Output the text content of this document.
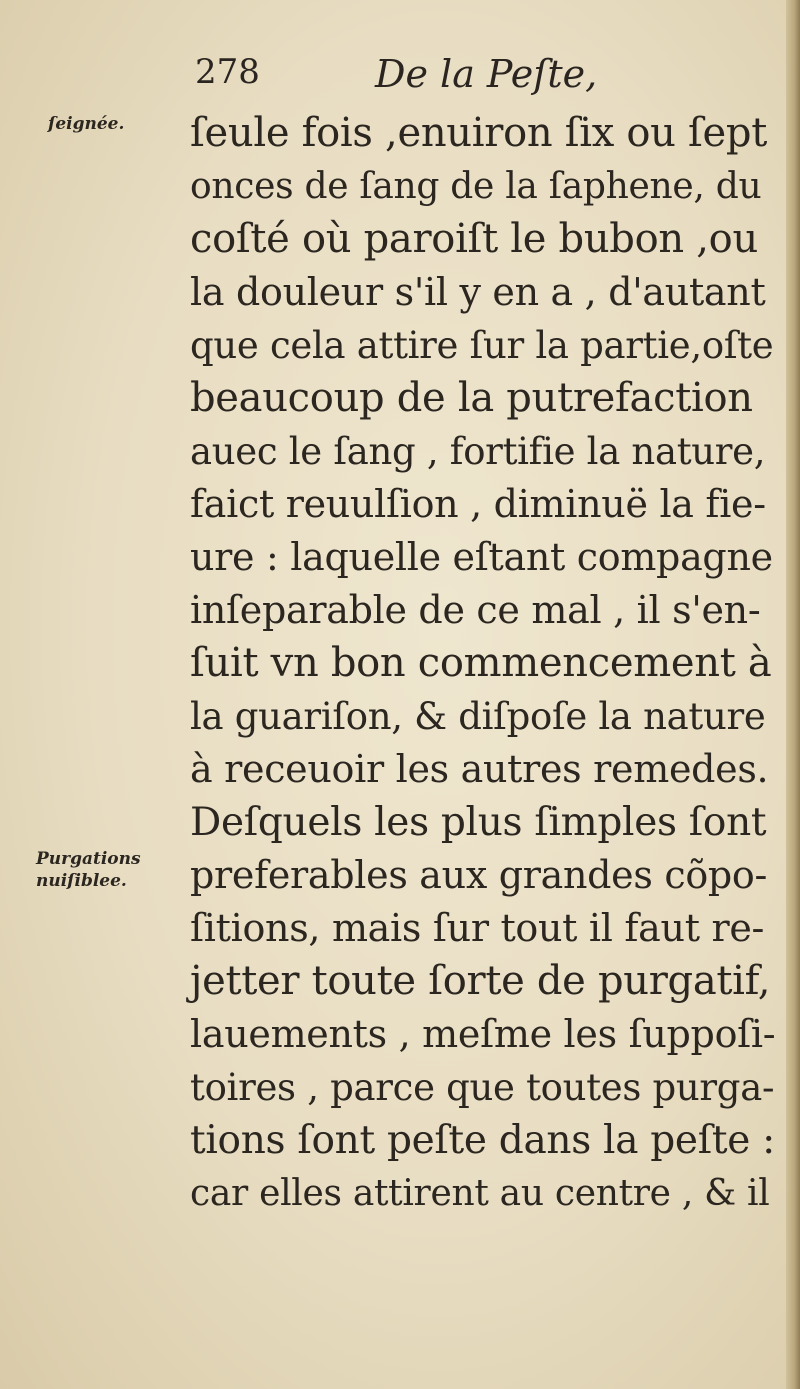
278	De la Peſte,
ſeignée.
Purgations
nuiſiblee.
ſeule fois ,enuiron ſix ou ſept
onces de ſang de la ſaphene, du
coſté où paroiſt le bubon ,ou
la douleur s'il y en a , d'autant
que cela attire ſur la partie,oſte
beaucoup de la putrefaction
auec le ſang , fortifie la nature,
faict reuulſion , diminuë la fie-
ure : laquelle eſtant compagne
inſeparable de ce mal , il s'en-
ſuit vn bon commencement à
la guariſon, & diſpoſe la nature
à receuoir les autres remedes.
Deſquels les plus ſimples ſont
preferables aux grandes cõpo-
ſitions, mais ſur tout il faut re-
jetter toute ſorte de purgatif,
lauements , meſme les ſuppoſi-
toires , parce que toutes purga-
tions ſont peſte dans la peſte :
car elles attirent au centre , & il
